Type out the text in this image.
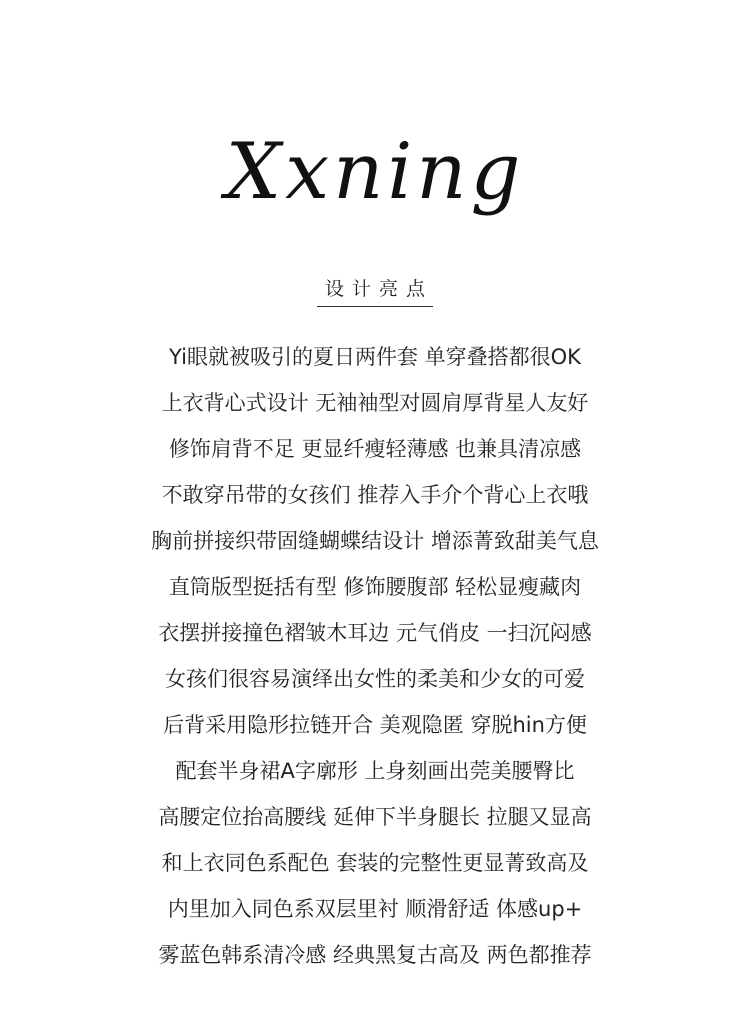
Xxning
设计亮点
Yi眼就被吸引的夏日两件套 单穿叠搭都很OK
上衣背心式设计 无袖袖型对圆肩厚背星人友好
修饰肩背不足 更显纤瘦轻薄感 也兼具清凉感
不敢穿吊带的女孩们 推荐入手介个背心上衣哦
胸前拼接织带固缝蝴蝶结设计 增添菁致甜美气息
直筒版型挺括有型 修饰腰腹部 轻松显瘦藏肉
衣摆拼接撞色褶皱木耳边 元气俏皮 一扫沉闷感
女孩们很容易演绎出女性的柔美和少女的可爱
后背采用隐形拉链开合 美观隐匿 穿脱hin方便
配套半身裙A字廓形 上身刻画出莞美腰臀比
高腰定位抬高腰线 延伸下半身腿长 拉腿又显高
和上衣同色系配色 套装的完整性更显菁致高及
内里加入同色系双层里衬 顺滑舒适 体感up+
雾蓝色韩系清冷感 经典黑复古高及 两色都推荐
